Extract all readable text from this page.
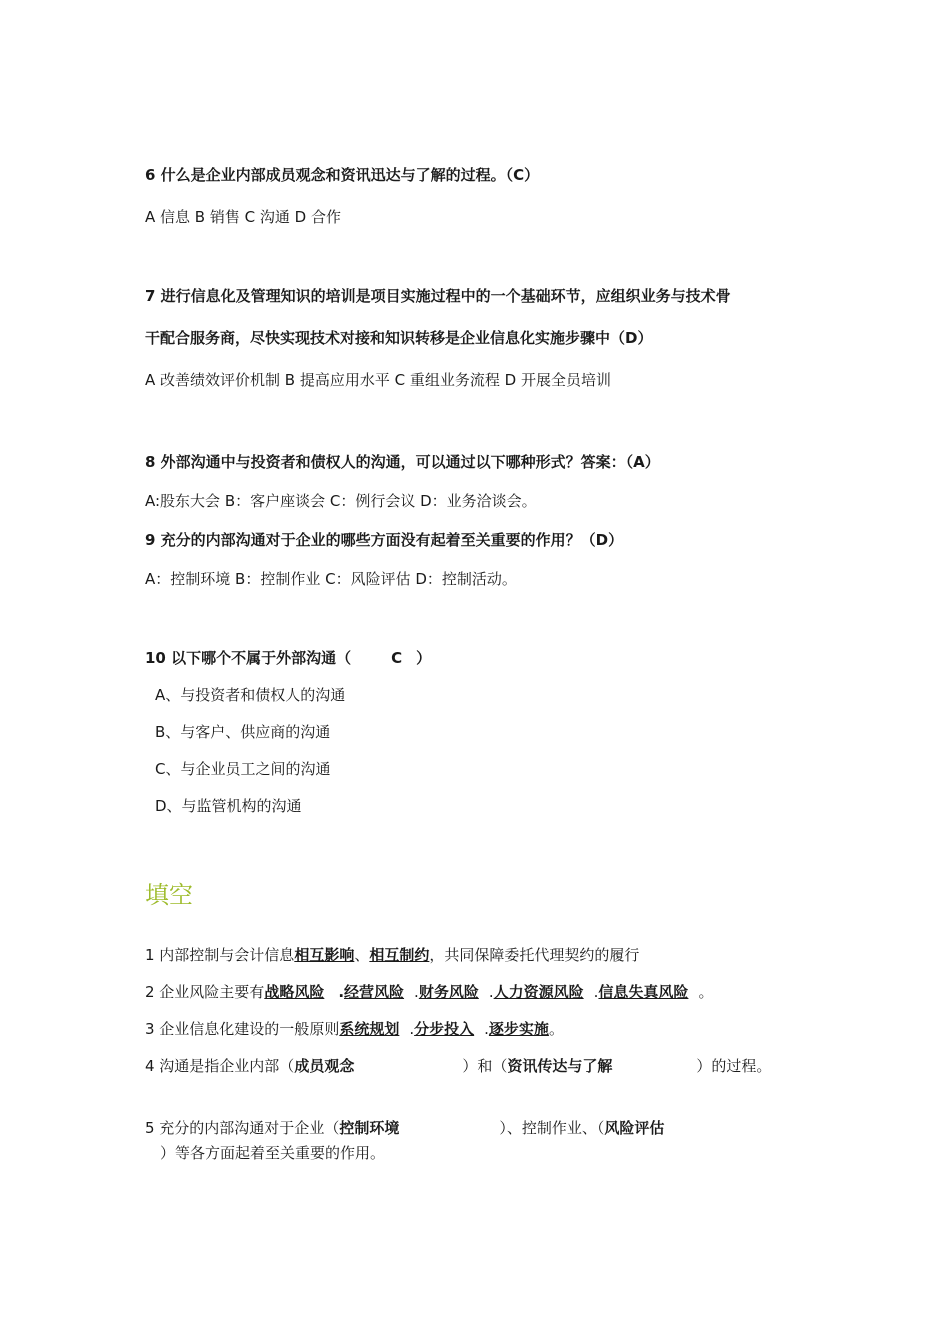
6 什么是企业内部成员观念和资讯迅达与了解的过程。（C）
A 信息 B 销售 C 沟通 D 合作
7 进行信息化及管理知识的培训是项目实施过程中的一个基础环节，应组织业务与技术骨
干配合服务商，尽快实现技术对接和知识转移是企业信息化实施步骤中（D）
A 改善绩效评价机制 B 提高应用水平 C 重组业务流程 D 开展全员培训
8 外部沟通中与投资者和债权人的沟通，可以通过以下哪种形式？答案：（A）
A:股东大会 B：客户座谈会 C：例行会议 D：业务洽谈会。
9 充分的内部沟通对于企业的哪些方面没有起着至关重要的作用？（D）
A：控制环境 B：控制作业 C：风险评估 D：控制活动。
10 以下哪个不属于外部沟通（	C ）
A、与投资者和债权人的沟通
B、与客户、供应商的沟通
C、与企业员工之间的沟通
D、与监管机构的沟通
填空
1 内部控制与会计信息相互影响、相互制约，共同保障委托代理契约的履行
2 企业风险主要有战略风险 .经营风险 .财务风险 .人力资源风险 .信息失真风险 。
3 企业信息化建设的一般原则系统规划 .分步投入 .逐步实施。
4 沟通是指企业内部（成员观念	）和（资讯传达与了解	）的过程。
5 充分的内部沟通对于企业（控制环境	）、控制作业、（风险评估
）等各方面起着至关重要的作用。
